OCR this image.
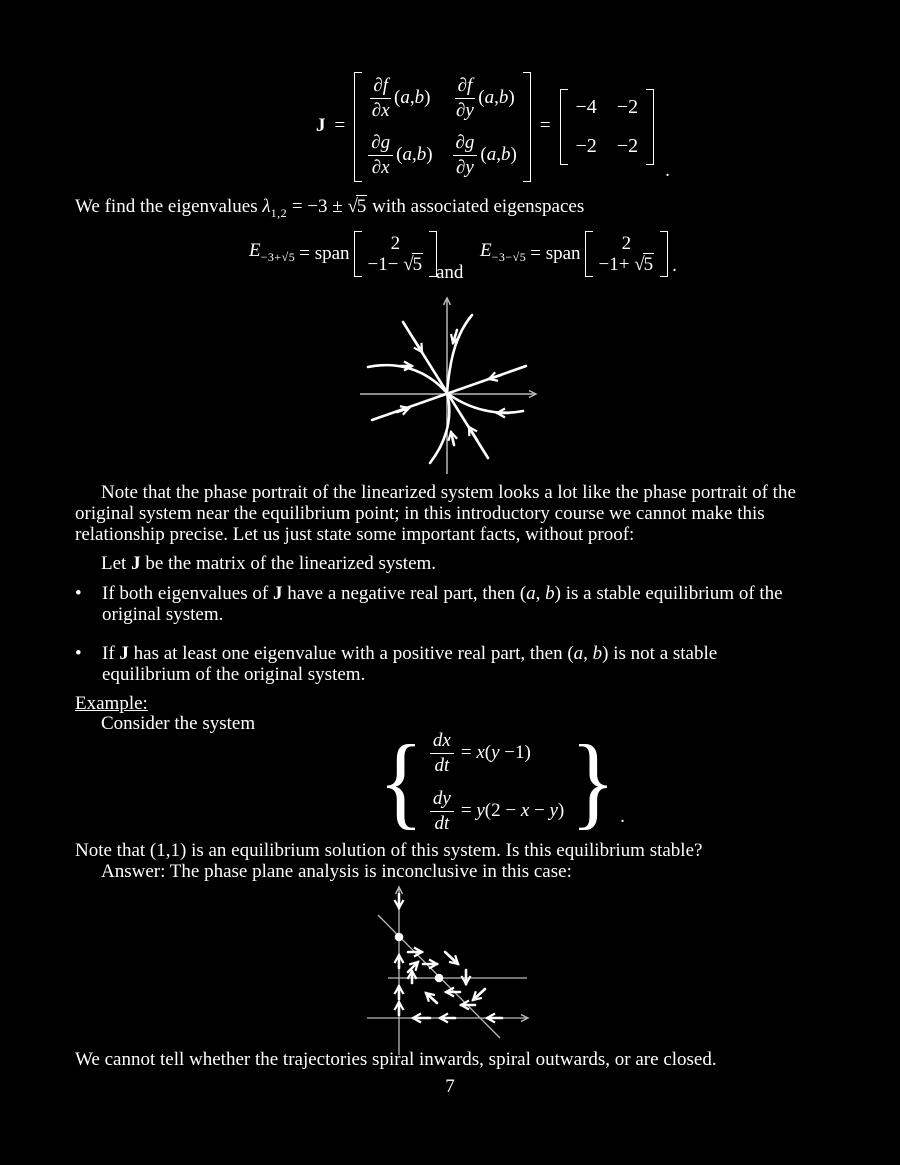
J =
$\frac{\partial f}{\partial x} (a,b) \frac{\partial f}{\partial y} (a,b)$
$\frac{\partial g}{\partial x} (a,b) \frac{\partial g}{\partial y} (a,b)$
=
−4 −2
−2 −2
.
We find the eigenvalues $\lambda_{1,2} = -3 \pm √5$ with associated eigenspaces
$E_{-3+√5}$ = span 2
−1− √5 and
$E_{-3-√5}$ = span 2
−1+ √5 .
Note that the phase portrait of the linearized system looks a lot like the phase portrait of the original system near the equilibrium point; in this introductory course we cannot make this relationship precise. Let us just state some important facts, without proof:
Let J be the matrix of the linearized system.
•	If both eigenvalues of J have a negative real part, then (a, b) is a stable equilibrium of the original system.
•	If J has at least one eigenvalue with a positive real part, then (a, b) is not a stable equilibrium of the original system.
Example:
Consider the system
{ $\frac{dx}{dt} = x(y -1)$
$\frac{dy}{dt} = y(2 - x - y)$ } .
Note that (1,1) is an equilibrium solution of this system. Is this equilibrium stable?
Answer: The phase plane analysis is inconclusive in this case:
We cannot tell whether the trajectories spiral inwards, spiral outwards, or are closed.
7
